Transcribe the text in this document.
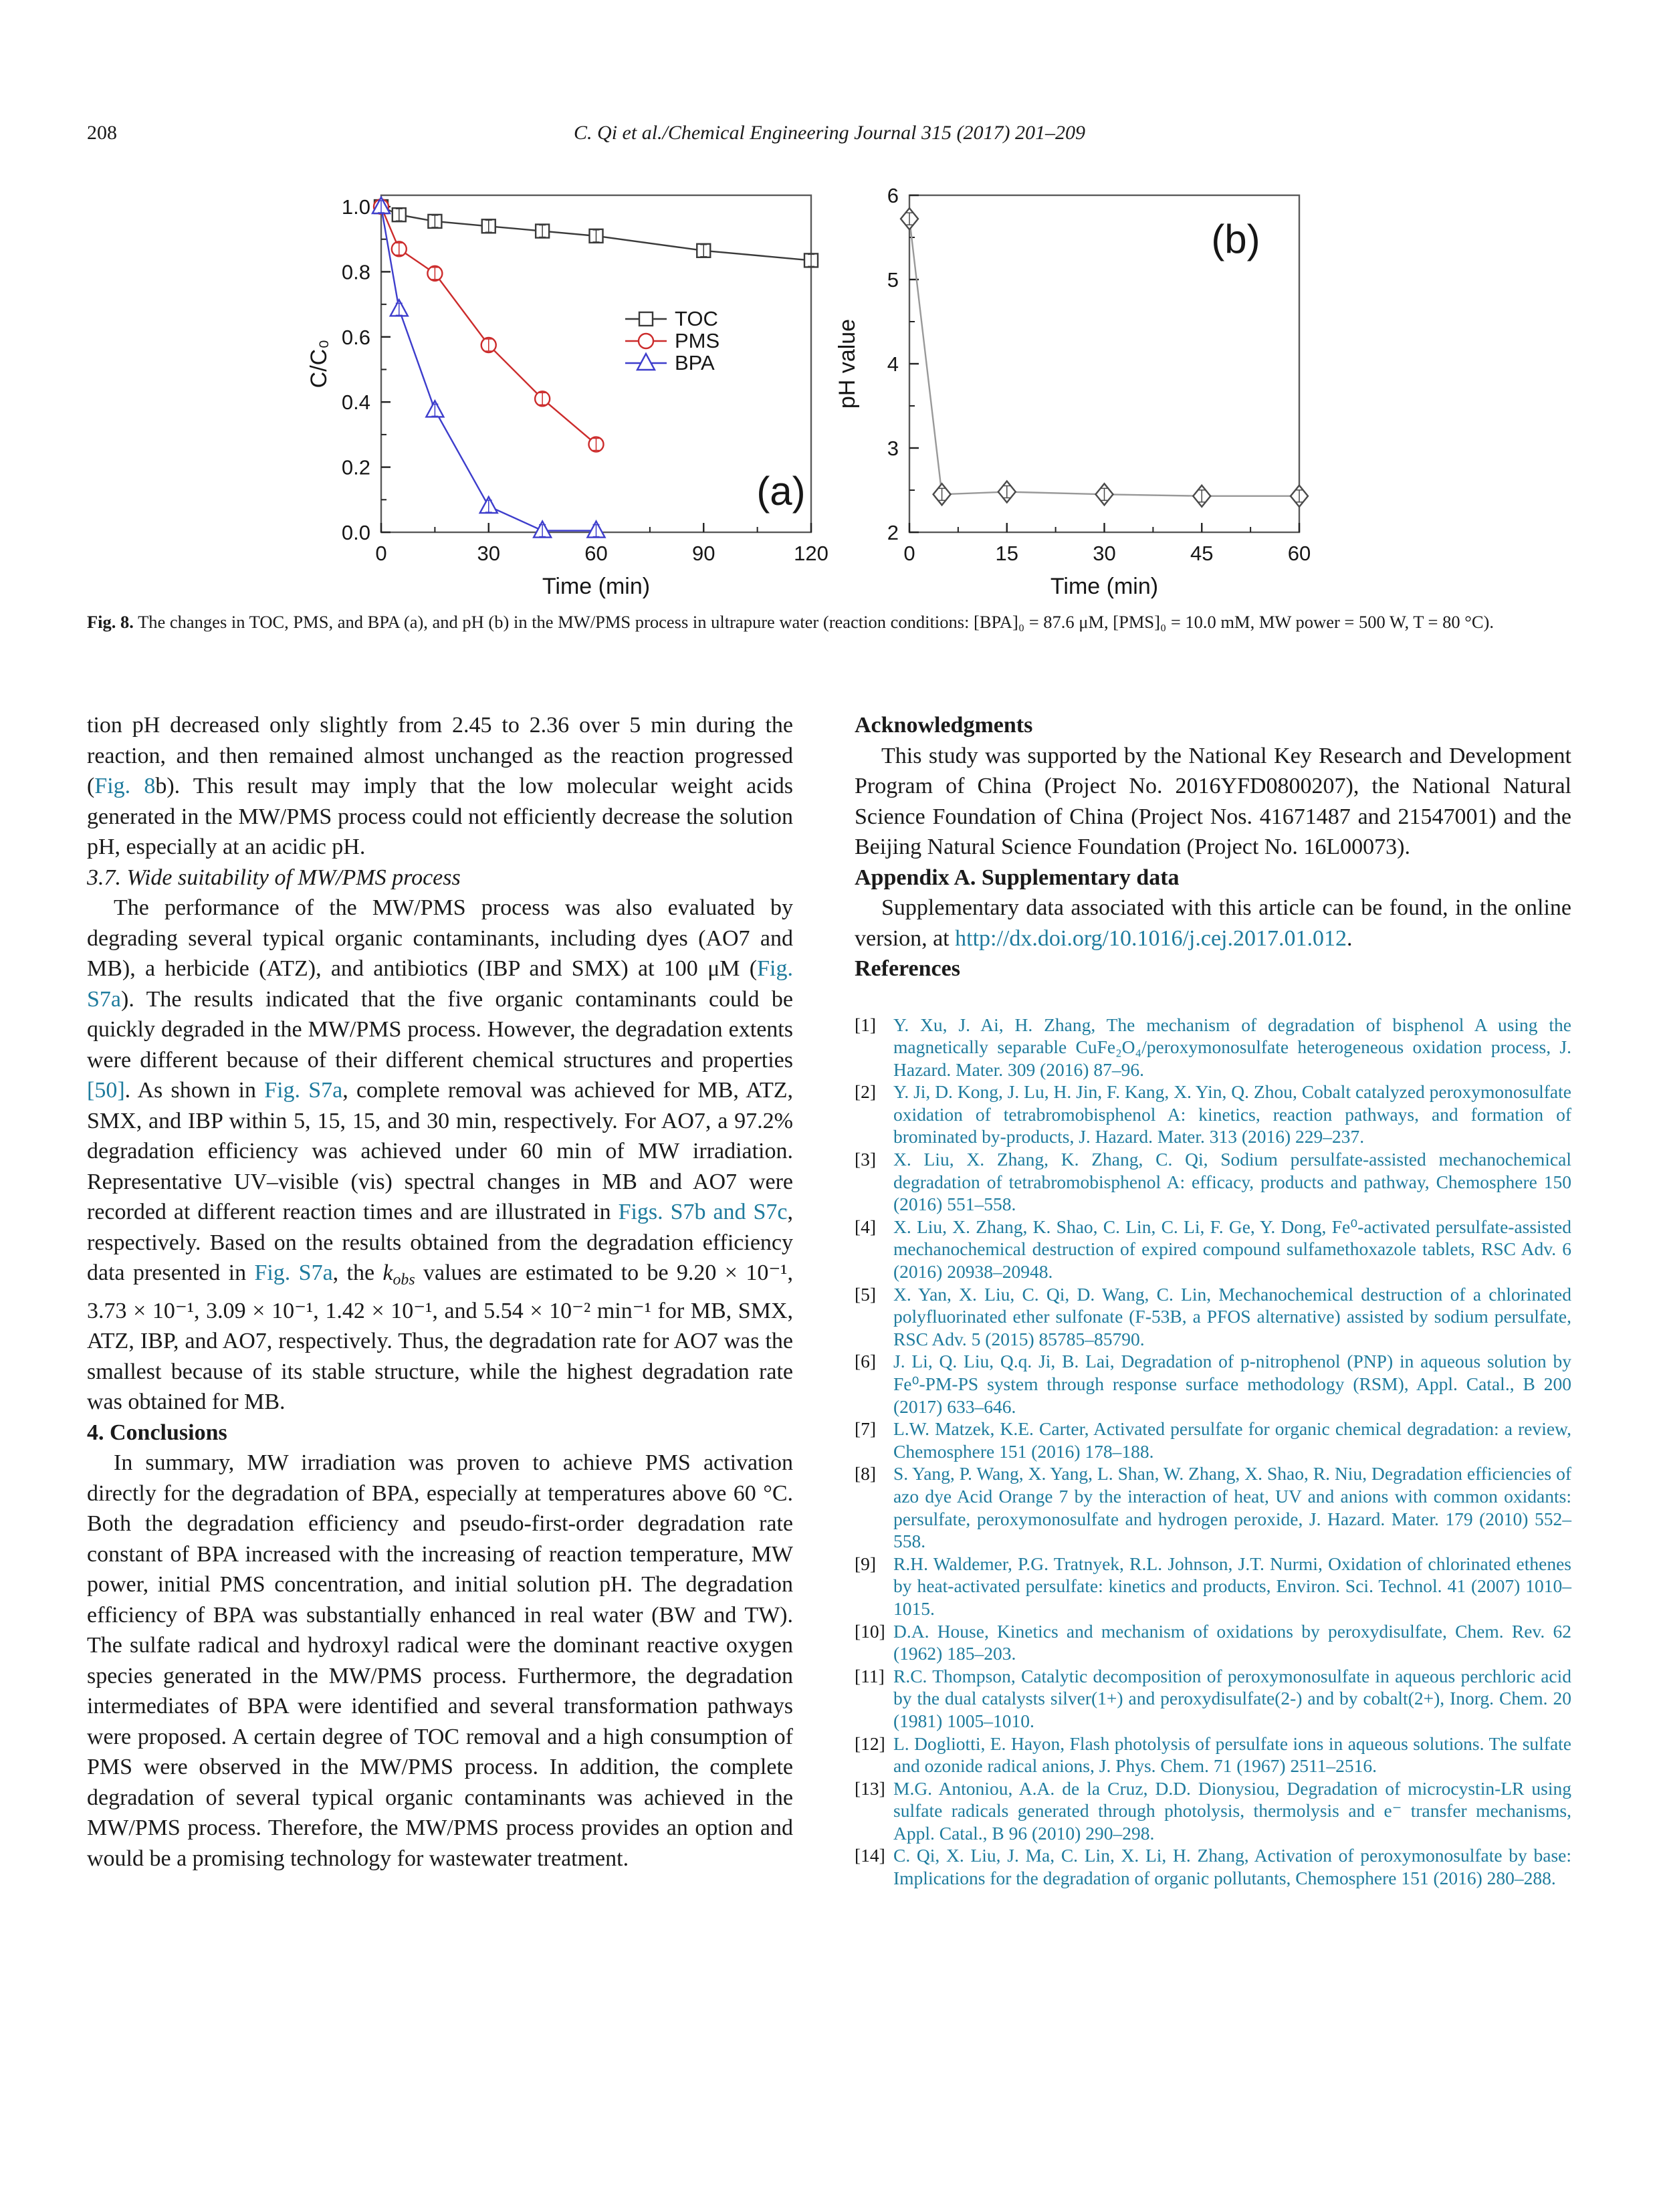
208	C. Qi et al./Chemical Engineering Journal 315 (2017) 201–209
0	30	60	90	120
0.0
0.2
0.4
0.6
0.8
1.0
Time (min)
C/C₀
TOC
PMS
BPA
(a)
0	15	30	45	60
2
3
4
5
6
Time (min)
pH value
(b)

Fig. 8. The changes in TOC, PMS, and BPA (a), and pH (b) in the MW/PMS process in ultrapure water (reaction conditions: [BPA]₀ = 87.6 μM, [PMS]₀ = 10.0 mM, MW power = 500 W, T = 80 °C).

tion pH decreased only slightly from 2.45 to 2.36 over 5 min during the reaction, and then remained almost unchanged as the reaction progressed (Fig. 8b). This result may imply that the low molecular weight acids generated in the MW/PMS process could not efficiently decrease the solution pH, especially at an acidic pH.

3.7. Wide suitability of MW/PMS process

The performance of the MW/PMS process was also evaluated by degrading several typical organic contaminants, including dyes (AO7 and MB), a herbicide (ATZ), and antibiotics (IBP and SMX) at 100 μM (Fig. S7a). The results indicated that the five organic contaminants could be quickly degraded in the MW/PMS process. However, the degradation extents were different because of their different chemical structures and properties [50]. As shown in Fig. S7a, complete removal was achieved for MB, ATZ, SMX, and IBP within 5, 15, 15, and 30 min, respectively. For AO7, a 97.2% degradation efficiency was achieved under 60 min of MW irradiation. Representative UV–visible (vis) spectral changes in MB and AO7 were recorded at different reaction times and are illustrated in Figs. S7b and S7c, respectively. Based on the results obtained from the degradation efficiency data presented in Fig. S7a, the $k_{obs}$ values are estimated to be 9.20 × 10⁻¹, 3.73 × 10⁻¹, 3.09 × 10⁻¹, 1.42 × 10⁻¹, and 5.54 × 10⁻² min⁻¹ for MB, SMX, ATZ, IBP, and AO7, respectively. Thus, the degradation rate for AO7 was the smallest because of its stable structure, while the highest degradation rate was obtained for MB.

4. Conclusions

In summary, MW irradiation was proven to achieve PMS activation directly for the degradation of BPA, especially at temperatures above 60 °C. Both the degradation efficiency and pseudo-first-order degradation rate constant of BPA increased with the increasing of reaction temperature, MW power, initial PMS concentration, and initial solution pH. The degradation efficiency of BPA was substantially enhanced in real water (BW and TW). The sulfate radical and hydroxyl radical were the dominant reactive oxygen species generated in the MW/PMS process. Furthermore, the degradation intermediates of BPA were identified and several transformation pathways were proposed. A certain degree of TOC removal and a high consumption of PMS were observed in the MW/PMS process. In addition, the complete degradation of several typical organic contaminants was achieved in the MW/PMS process. Therefore, the MW/PMS process provides an option and would be a promising technology for wastewater treatment.

Acknowledgments

This study was supported by the National Key Research and Development Program of China (Project No. 2016YFD0800207), the National Natural Science Foundation of China (Project Nos. 41671487 and 21547001) and the Beijing Natural Science Foundation (Project No. 16L00073).

Appendix A. Supplementary data

Supplementary data associated with this article can be found, in the online version, at http://dx.doi.org/10.1016/j.cej.2017.01.012.

References

[1] Y. Xu, J. Ai, H. Zhang, The mechanism of degradation of bisphenol A using the magnetically separable CuFe₂O₄/peroxymonosulfate heterogeneous oxidation process, J. Hazard. Mater. 309 (2016) 87–96.
[2] Y. Ji, D. Kong, J. Lu, H. Jin, F. Kang, X. Yin, Q. Zhou, Cobalt catalyzed peroxymonosulfate oxidation of tetrabromobisphenol A: kinetics, reaction pathways, and formation of brominated by-products, J. Hazard. Mater. 313 (2016) 229–237.
[3] X. Liu, X. Zhang, K. Zhang, C. Qi, Sodium persulfate-assisted mechanochemical degradation of tetrabromobisphenol A: efficacy, products and pathway, Chemosphere 150 (2016) 551–558.
[4] X. Liu, X. Zhang, K. Shao, C. Lin, C. Li, F. Ge, Y. Dong, Fe⁰-activated persulfate-assisted mechanochemical destruction of expired compound sulfamethoxazole tablets, RSC Adv. 6 (2016) 20938–20948.
[5] X. Yan, X. Liu, C. Qi, D. Wang, C. Lin, Mechanochemical destruction of a chlorinated polyfluorinated ether sulfonate (F-53B, a PFOS alternative) assisted by sodium persulfate, RSC Adv. 5 (2015) 85785–85790.
[6] J. Li, Q. Liu, Q.q. Ji, B. Lai, Degradation of p-nitrophenol (PNP) in aqueous solution by Fe⁰-PM-PS system through response surface methodology (RSM), Appl. Catal., B 200 (2017) 633–646.
[7] L.W. Matzek, K.E. Carter, Activated persulfate for organic chemical degradation: a review, Chemosphere 151 (2016) 178–188.
[8] S. Yang, P. Wang, X. Yang, L. Shan, W. Zhang, X. Shao, R. Niu, Degradation efficiencies of azo dye Acid Orange 7 by the interaction of heat, UV and anions with common oxidants: persulfate, peroxymonosulfate and hydrogen peroxide, J. Hazard. Mater. 179 (2010) 552–558.
[9] R.H. Waldemer, P.G. Tratnyek, R.L. Johnson, J.T. Nurmi, Oxidation of chlorinated ethenes by heat-activated persulfate: kinetics and products, Environ. Sci. Technol. 41 (2007) 1010–1015.
[10] D.A. House, Kinetics and mechanism of oxidations by peroxydisulfate, Chem. Rev. 62 (1962) 185–203.
[11] R.C. Thompson, Catalytic decomposition of peroxymonosulfate in aqueous perchloric acid by the dual catalysts silver(1+) and peroxydisulfate(2-) and by cobalt(2+), Inorg. Chem. 20 (1981) 1005–1010.
[12] L. Dogliotti, E. Hayon, Flash photolysis of persulfate ions in aqueous solutions. The sulfate and ozonide radical anions, J. Phys. Chem. 71 (1967) 2511–2516.
[13] M.G. Antoniou, A.A. de la Cruz, D.D. Dionysiou, Degradation of microcystin-LR using sulfate radicals generated through photolysis, thermolysis and e⁻ transfer mechanisms, Appl. Catal., B 96 (2010) 290–298.
[14] C. Qi, X. Liu, J. Ma, C. Lin, X. Li, H. Zhang, Activation of peroxymonosulfate by base: Implications for the degradation of organic pollutants, Chemosphere 151 (2016) 280–288.
